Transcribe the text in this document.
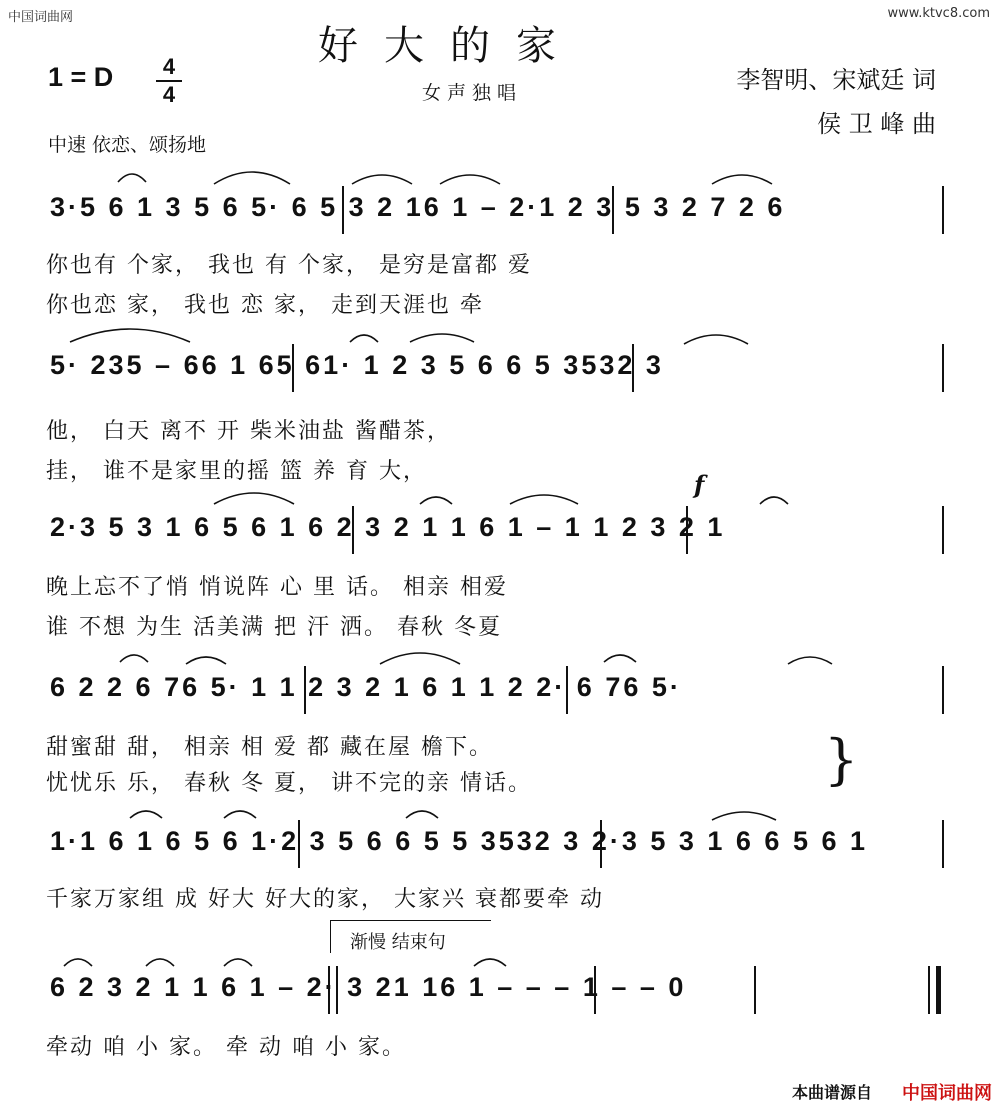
中国词曲网	www.ktvc8.com
好大的家
女声独唱
1 = D	4
4
李智明、宋斌廷 词
侯 卫 峰 曲
中速 依恋、颂扬地
3·5 6 1 3 5 6 5· 6 5 3 2 16 1 – 2·1 2 3 5 3 2 7 2 6
你也有 个家， 我也 有 个家， 是穷是富都 爱
你也恋 家， 我也 恋 家， 走到天涯也 牵
5· 235 – 66 1 65 61· 1 2 3 5 6 6 5 3532 3
他， 白天 离不 开 柴米油盐 酱醋茶，
挂， 谁不是家里的摇 篮 养 育 大，	f
2·3 5 3 1 6 5 6 1 6 2 3 2 1 1 6 1 – 1 1 2 3 2 1
晚上忘不了悄 悄说阵 心 里 话。 相亲 相爱
谁 不想 为生 活美满 把 汗 洒。 春秋 冬夏
6 2 2 6 76 5· 1 1 2 3 2 1 6 1 1 2 2· 6 76 5·
甜蜜甜 甜， 相亲 相 爱 都 藏在屋 檐下。
忧忧乐 乐， 春秋 冬 夏， 讲不完的亲 情话。	}
1·1 6 1 6 5 6 1·2 3 5 6 6 5 5 3532 3 2·3 5 3 1 6 6 5 6 1
千家万家组 成 好大 好大的家， 大家兴 衰都要牵 动
渐慢 结束句
6 2 3 2 1 1 6 1 – 2· 3 21 16 1 – – – 1 – – 0
牵动 咱 小 家。 牵 动 咱 小 家。
本曲谱源自 中国词曲网
